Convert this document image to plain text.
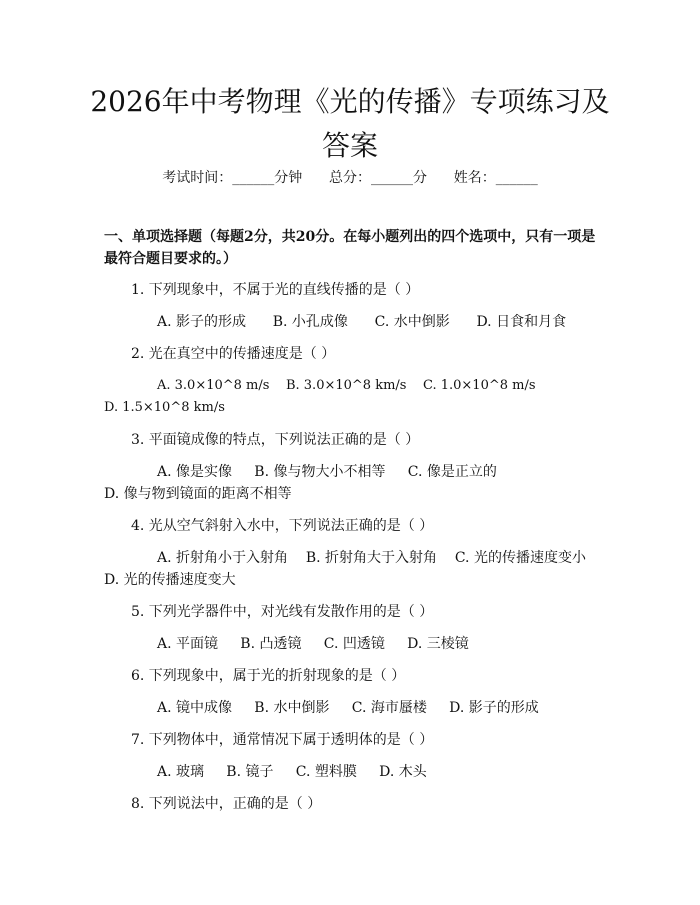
2026年中考物理《光的传播》专项练习及答案
考试时间：______分钟 总分：______分 姓名：______
一、单项选择题（每题2分，共20分。在每小题列出的四个选项中，只有一项是最符合题目要求的。）
1. 下列现象中，不属于光的直线传播的是（ ）
A. 影子的形成 B. 小孔成像 C. 水中倒影 D. 日食和月食
2. 光在真空中的传播速度是（ ）
A. 3.0×10^8 m/s B. 3.0×10^8 km/s C. 1.0×10^8 m/s
D. 1.5×10^8 km/s
3. 平面镜成像的特点，下列说法正确的是（ ）
A. 像是实像 B. 像与物大小不相等 C. 像是正立的
D. 像与物到镜面的距离不相等
4. 光从空气斜射入水中，下列说法正确的是（ ）
A. 折射角小于入射角 B. 折射角大于入射角 C. 光的传播速度变小
D. 光的传播速度变大
5. 下列光学器件中，对光线有发散作用的是（ ）
A. 平面镜 B. 凸透镜 C. 凹透镜 D. 三棱镜
6. 下列现象中，属于光的折射现象的是（ ）
A. 镜中成像 B. 水中倒影 C. 海市蜃楼 D. 影子的形成
7. 下列物体中，通常情况下属于透明体的是（ ）
A. 玻璃 B. 镜子 C. 塑料膜 D. 木头
8. 下列说法中，正确的是（ ）
